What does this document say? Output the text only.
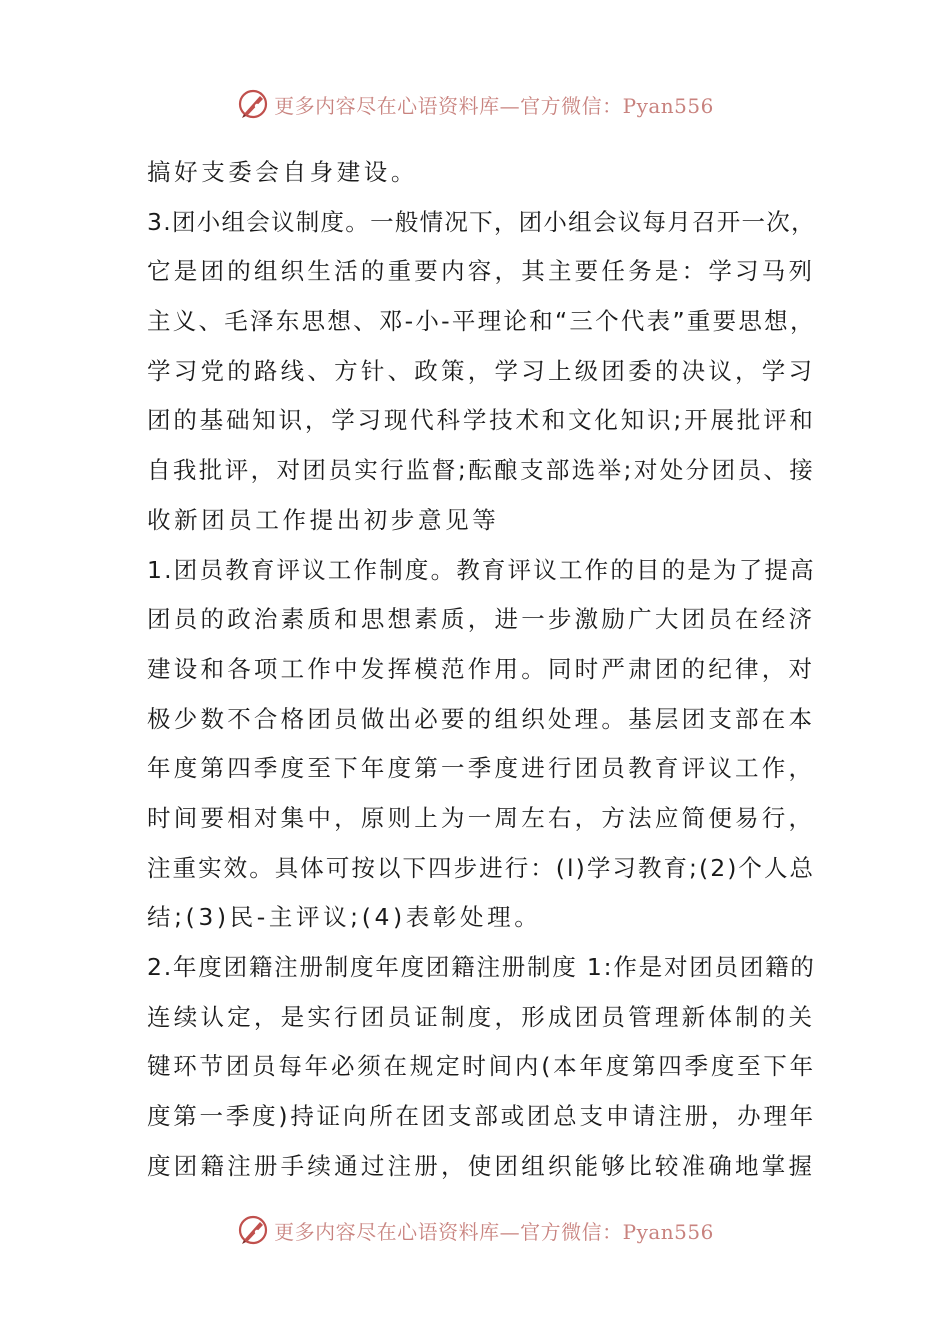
更多内容尽在心语资料库—官方微信：Pyan556
搞好支委会自身建设。
3.团小组会议制度。一般情况下，团小组会议每月召开一次，
它是团的组织生活的重要内容，其主要任务是：学习马列
主义、毛泽东思想、邓-小-平理论和“三个代表”重要思想，
学习党的路线、方针、政策，学习上级团委的决议，学习
团的基础知识，学习现代科学技术和文化知识;开展批评和
自我批评，对团员实行监督;酝酿支部选举;对处分团员、接
收新团员工作提出初步意见等
1.团员教育评议工作制度。教育评议工作的目的是为了提高
团员的政治素质和思想素质，进一步激励广大团员在经济
建设和各项工作中发挥模范作用。同时严肃团的纪律，对
极少数不合格团员做出必要的组织处理。基层团支部在本
年度第四季度至下年度第一季度进行团员教育评议工作，
时间要相对集中，原则上为一周左右，方法应简便易行，
注重实效。具体可按以下四步进行：(l)学习教育;(2)个人总
结;(3)民-主评议;(4)表彰处理。
2.年度团籍注册制度年度团籍注册制度 1:作是对团员团籍的
连续认定，是实行团员证制度，形成团员管理新体制的关
键环节团员每年必须在规定时间内(本年度第四季度至下年
度第一季度)持证向所在团支部或团总支申请注册，办理年
度团籍注册手续通过注册，使团组织能够比较准确地掌握
更多内容尽在心语资料库—官方微信：Pyan556
